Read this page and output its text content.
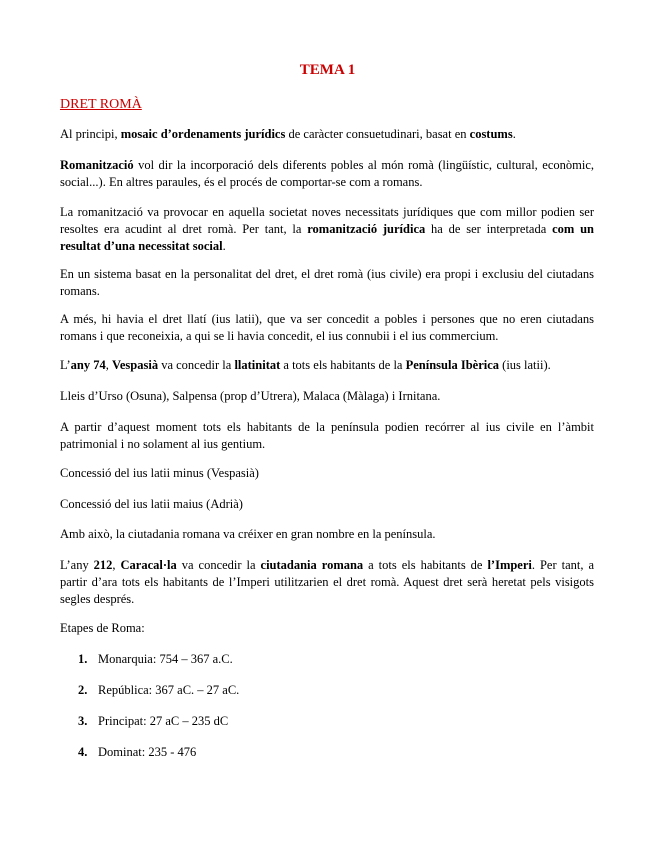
TEMA 1
DRET ROMÀ

Al principi, mosaic d’ordenaments jurídics de caràcter consuetudinari, basat en costums.

Romanització vol dir la incorporació dels diferents pobles al món romà (lingüístic, cultural, econòmic, social...). En altres paraules, és el procés de comportar-se com a romans.

La romanització va provocar en aquella societat noves necessitats jurídiques que com millor podien ser resoltes era acudint al dret romà. Per tant, la romanització jurídica ha de ser interpretada com un resultat d’una necessitat social.

En un sistema basat en la personalitat del dret, el dret romà (ius civile) era propi i exclusiu del ciutadans romans.

A més, hi havia el dret llatí (ius latii), que va ser concedit a pobles i persones que no eren ciutadans romans i que reconeixia, a qui se li havia concedit, el ius connubii i el ius commercium.

L’any 74, Vespasià va concedir la llatinitat a tots els habitants de la Península Ibèrica (ius latii).

Lleis d’Urso (Osuna), Salpensa (prop d’Utrera), Malaca (Màlaga) i Irnitana.

A partir d’aquest moment tots els habitants de la península podien recórrer al ius civile en l’àmbit patrimonial i no solament al ius gentium.

Concessió del ius latii minus (Vespasià)

Concessió del ius latii maius (Adrià)

Amb això, la ciutadania romana va créixer en gran nombre en la península.

L’any 212, Caracal·la va concedir la ciutadania romana a tots els habitants de l’Imperi. Per tant, a partir d’ara tots els habitants de l’Imperi utilitzarien el dret romà. Aquest dret serà heretat pels visigots segles després.

Etapes de Roma:

1. Monarquia: 754 – 367 a.C.
2. República: 367 aC. – 27 aC.
3. Principat: 27 aC – 235 dC
4. Dominat: 235 - 476
